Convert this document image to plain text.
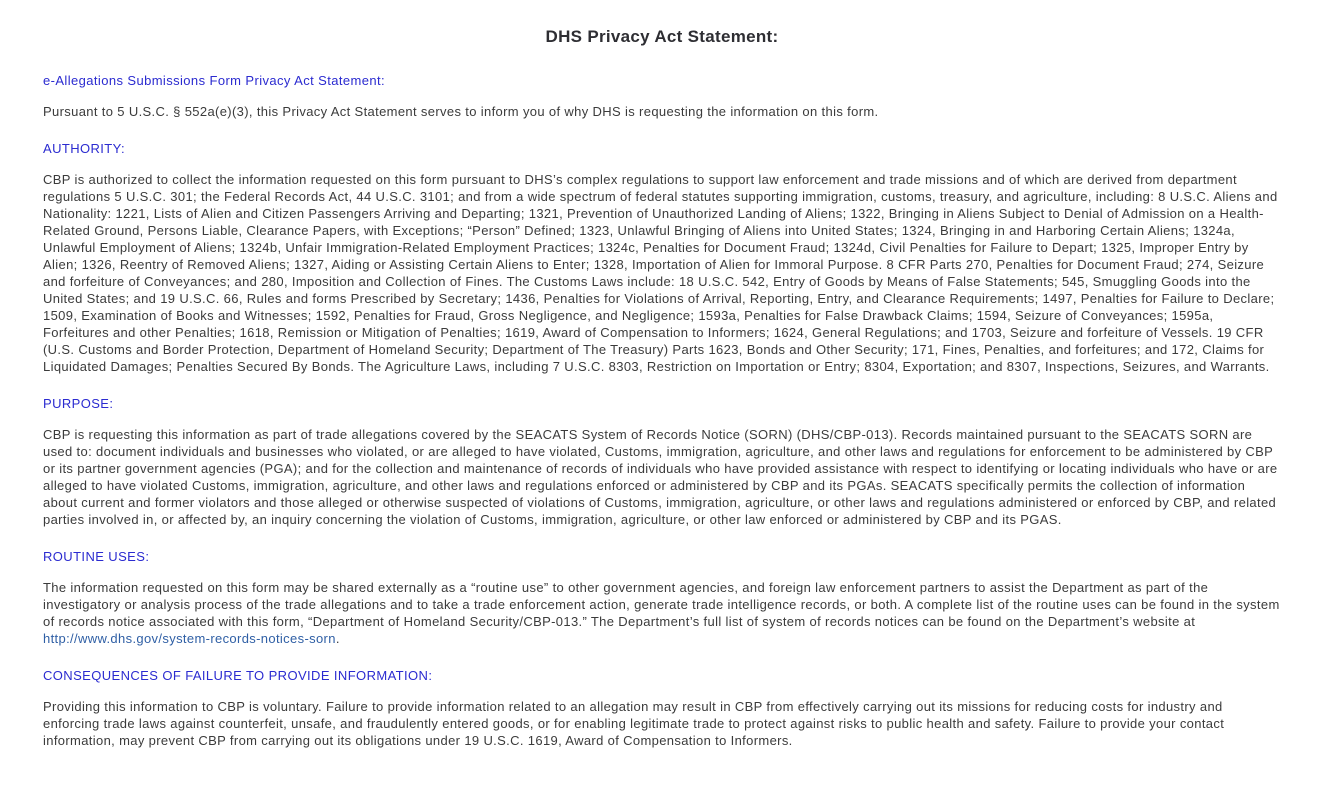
DHS Privacy Act Statement:
e-Allegations Submissions Form Privacy Act Statement:

Pursuant to 5 U.S.C. § 552a(e)(3), this Privacy Act Statement serves to inform you of why DHS is requesting the information on this form.

AUTHORITY:

CBP is authorized to collect the information requested on this form pursuant to DHS’s complex regulations to support law enforcement and trade missions and of which are derived from department regulations 5 U.S.C. 301; the Federal Records Act, 44 U.S.C. 3101; and from a wide spectrum of federal statutes supporting immigration, customs, treasury, and agriculture, including: 8 U.S.C. Aliens and Nationality: 1221, Lists of Alien and Citizen Passengers Arriving and Departing; 1321, Prevention of Unauthorized Landing of Aliens; 1322, Bringing in Aliens Subject to Denial of Admission on a Health-Related Ground, Persons Liable, Clearance Papers, with Exceptions; “Person” Defined; 1323, Unlawful Bringing of Aliens into United States; 1324, Bringing in and Harboring Certain Aliens; 1324a, Unlawful Employment of Aliens; 1324b, Unfair Immigration-Related Employment Practices; 1324c, Penalties for Document Fraud; 1324d, Civil Penalties for Failure to Depart; 1325, Improper Entry by Alien; 1326, Reentry of Removed Aliens; 1327, Aiding or Assisting Certain Aliens to Enter; 1328, Importation of Alien for Immoral Purpose. 8 CFR Parts 270, Penalties for Document Fraud; 274, Seizure and forfeiture of Conveyances; and 280, Imposition and Collection of Fines. The Customs Laws include: 18 U.S.C. 542, Entry of Goods by Means of False Statements; 545, Smuggling Goods into the United States; and 19 U.S.C. 66, Rules and forms Prescribed by Secretary; 1436, Penalties for Violations of Arrival, Reporting, Entry, and Clearance Requirements; 1497, Penalties for Failure to Declare; 1509, Examination of Books and Witnesses; 1592, Penalties for Fraud, Gross Negligence, and Negligence; 1593a, Penalties for False Drawback Claims; 1594, Seizure of Conveyances; 1595a, Forfeitures and other Penalties; 1618, Remission or Mitigation of Penalties; 1619, Award of Compensation to Informers; 1624, General Regulations; and 1703, Seizure and forfeiture of Vessels. 19 CFR (U.S. Customs and Border Protection, Department of Homeland Security; Department of The Treasury) Parts 1623, Bonds and Other Security; 171, Fines, Penalties, and forfeitures; and 172, Claims for Liquidated Damages; Penalties Secured By Bonds. The Agriculture Laws, including 7 U.S.C. 8303, Restriction on Importation or Entry; 8304, Exportation; and 8307, Inspections, Seizures, and Warrants.

PURPOSE:

CBP is requesting this information as part of trade allegations covered by the SEACATS System of Records Notice (SORN) (DHS/CBP-013). Records maintained pursuant to the SEACATS SORN are used to: document individuals and businesses who violated, or are alleged to have violated, Customs, immigration, agriculture, and other laws and regulations for enforcement to be administered by CBP or its partner government agencies (PGA); and for the collection and maintenance of records of individuals who have provided assistance with respect to identifying or locating individuals who have or are alleged to have violated Customs, immigration, agriculture, and other laws and regulations enforced or administered by CBP and its PGAs. SEACATS specifically permits the collection of information about current and former violators and those alleged or otherwise suspected of violations of Customs, immigration, agriculture, or other laws and regulations administered or enforced by CBP, and related parties involved in, or affected by, an inquiry concerning the violation of Customs, immigration, agriculture, or other law enforced or administered by CBP and its PGAS.

ROUTINE USES:

The information requested on this form may be shared externally as a “routine use” to other government agencies, and foreign law enforcement partners to assist the Department as part of the investigatory or analysis process of the trade allegations and to take a trade enforcement action, generate trade intelligence records, or both. A complete list of the routine uses can be found in the system of records notice associated with this form, “Department of Homeland Security/CBP-013.” The Department’s full list of system of records notices can be found on the Department’s website at http://www.dhs.gov/system-records-notices-sorn.

CONSEQUENCES OF FAILURE TO PROVIDE INFORMATION:

Providing this information to CBP is voluntary. Failure to provide information related to an allegation may result in CBP from effectively carrying out its missions for reducing costs for industry and enforcing trade laws against counterfeit, unsafe, and fraudulently entered goods, or for enabling legitimate trade to protect against risks to public health and safety. Failure to provide your contact information, may prevent CBP from carrying out its obligations under 19 U.S.C. 1619, Award of Compensation to Informers.
